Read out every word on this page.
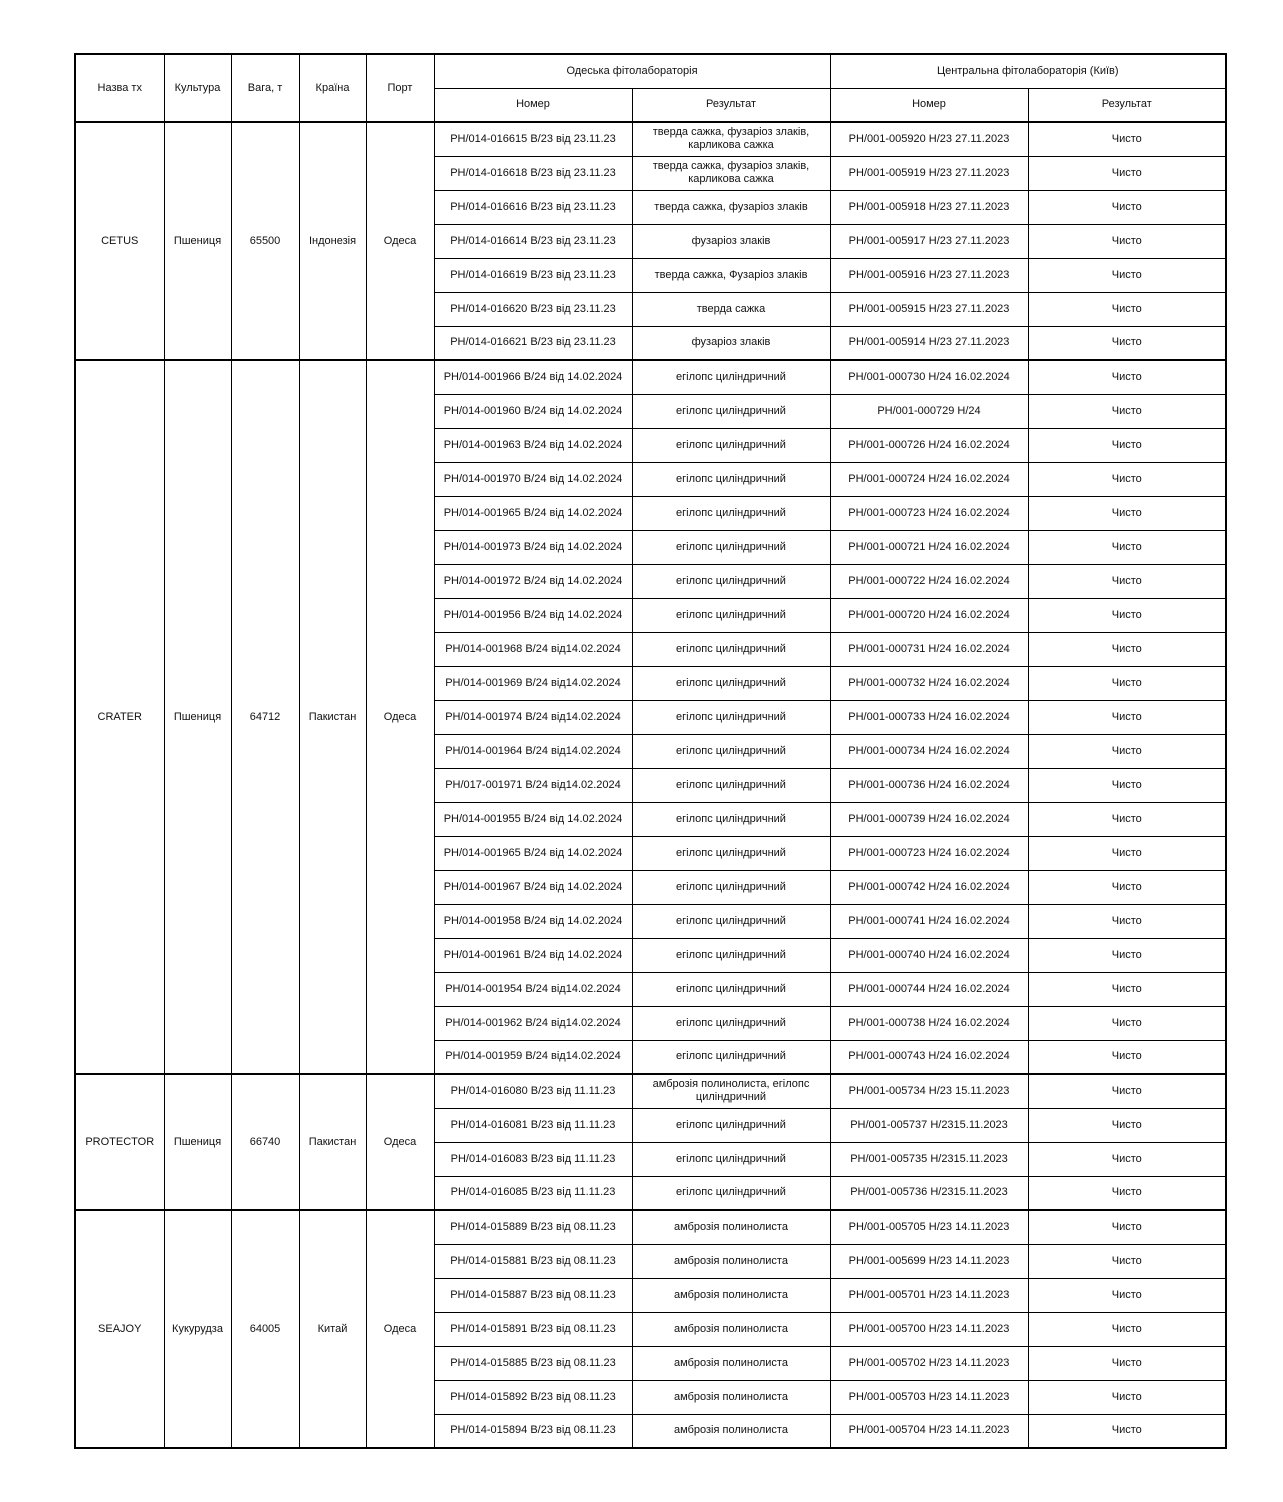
Назва тх	Культура	Вага, т	Країна	Порт	Одеська фітолабораторія		Центральна фітолабораторія (Київ)	
					Номер	Результат	Номер	Результат
CETUS	Пшениця	65500	Індонезія	Одеса	PH/014-016615 B/23 від 23.11.23	тверда сажка, фузаріоз злаків, карликова сажка	PH/001-005920 H/23 27.11.2023	Чисто
					PH/014-016618 B/23 від 23.11.23	тверда сажка, фузаріоз злаків, карликова сажка	PH/001-005919 H/23 27.11.2023	Чисто
					PH/014-016616 B/23 від 23.11.23	тверда сажка, фузаріоз злаків	PH/001-005918 H/23 27.11.2023	Чисто
					PH/014-016614 B/23 від 23.11.23	фузаріоз злаків	PH/001-005917 H/23 27.11.2023	Чисто
					PH/014-016619 B/23 від 23.11.23	тверда сажка, Фузаріоз злаків	PH/001-005916 H/23 27.11.2023	Чисто
					PH/014-016620 B/23 від 23.11.23	тверда сажка	PH/001-005915 H/23 27.11.2023	Чисто
					PH/014-016621 B/23 від 23.11.23	фузаріоз злаків	PH/001-005914 H/23 27.11.2023	Чисто
CRATER	Пшениця	64712	Пакистан	Одеса	PH/014-001966 B/24 від 14.02.2024	егілопс циліндричний	PH/001-000730 H/24 16.02.2024	Чисто
					PH/014-001960 B/24 від 14.02.2024	егілопс циліндричний	PH/001-000729 H/24	Чисто
					PH/014-001963 B/24 від 14.02.2024	егілопс циліндричний	PH/001-000726 H/24 16.02.2024	Чисто
					PH/014-001970 B/24 від 14.02.2024	егілопс циліндричний	PH/001-000724 H/24 16.02.2024	Чисто
					PH/014-001965 B/24 від 14.02.2024	егілопс циліндричний	PH/001-000723 H/24 16.02.2024	Чисто
					PH/014-001973 B/24 від 14.02.2024	егілопс циліндричний	PH/001-000721 H/24 16.02.2024	Чисто
					PH/014-001972 B/24 від 14.02.2024	егілопс циліндричний	PH/001-000722 H/24 16.02.2024	Чисто
					PH/014-001956 B/24 від 14.02.2024	егілопс циліндричний	PH/001-000720 H/24 16.02.2024	Чисто
					PH/014-001968 B/24 від14.02.2024	егілопс циліндричний	PH/001-000731 H/24 16.02.2024	Чисто
					PH/014-001969 B/24 від14.02.2024	егілопс циліндричний	PH/001-000732 H/24 16.02.2024	Чисто
					PH/014-001974 B/24 від14.02.2024	егілопс циліндричний	PH/001-000733 H/24 16.02.2024	Чисто
					PH/014-001964 B/24 від14.02.2024	егілопс циліндричний	PH/001-000734 H/24 16.02.2024	Чисто
					PH/017-001971 B/24 від14.02.2024	егілопс циліндричний	PH/001-000736 H/24 16.02.2024	Чисто
					PH/014-001955 B/24 від 14.02.2024	егілопс циліндричний	PH/001-000739 H/24 16.02.2024	Чисто
					PH/014-001965 B/24 від 14.02.2024	егілопс циліндричний	PH/001-000723 H/24 16.02.2024	Чисто
					PH/014-001967 B/24 від 14.02.2024	егілопс циліндричний	PH/001-000742 H/24 16.02.2024	Чисто
					PH/014-001958 B/24 від 14.02.2024	егілопс циліндричний	PH/001-000741 H/24 16.02.2024	Чисто
					PH/014-001961 B/24 від 14.02.2024	егілопс циліндричний	PH/001-000740 H/24 16.02.2024	Чисто
					PH/014-001954 B/24 від14.02.2024	егілопс циліндричний	PH/001-000744 H/24 16.02.2024	Чисто
					PH/014-001962 B/24 від14.02.2024	егілопс циліндричний	PH/001-000738 H/24 16.02.2024	Чисто
					PH/014-001959 B/24 від14.02.2024	егілопс циліндричний	PH/001-000743 H/24 16.02.2024	Чисто
PROTECTOR	Пшениця	66740	Пакистан	Одеса	PH/014-016080 B/23 від 11.11.23	амброзія полинолиста, егілопс циліндричний	PH/001-005734 H/23 15.11.2023	Чисто
					PH/014-016081 B/23 від 11.11.23	егілопс циліндричний	PH/001-005737 H/2315.11.2023	Чисто
					PH/014-016083 B/23 від 11.11.23	егілопс циліндричний	PH/001-005735 H/2315.11.2023	Чисто
					PH/014-016085 B/23 від 11.11.23	егілопс циліндричний	PH/001-005736 H/2315.11.2023	Чисто
SEAJOY	Кукурудза	64005	Китай	Одеса	PH/014-015889 B/23 від 08.11.23	амброзія полинолиста	PH/001-005705 H/23 14.11.2023	Чисто
					PH/014-015881 B/23 від 08.11.23	амброзія полинолиста	PH/001-005699 H/23 14.11.2023	Чисто
					PH/014-015887 B/23 від 08.11.23	амброзія полинолиста	PH/001-005701 H/23 14.11.2023	Чисто
					PH/014-015891 B/23 від 08.11.23	амброзія полинолиста	PH/001-005700 H/23 14.11.2023	Чисто
					PH/014-015885 B/23 від 08.11.23	амброзія полинолиста	PH/001-005702 H/23 14.11.2023	Чисто
					PH/014-015892 B/23 від 08.11.23	амброзія полинолиста	PH/001-005703 H/23 14.11.2023	Чисто
					PH/014-015894 B/23 від 08.11.23	амброзія полинолиста	PH/001-005704 H/23 14.11.2023	Чисто
